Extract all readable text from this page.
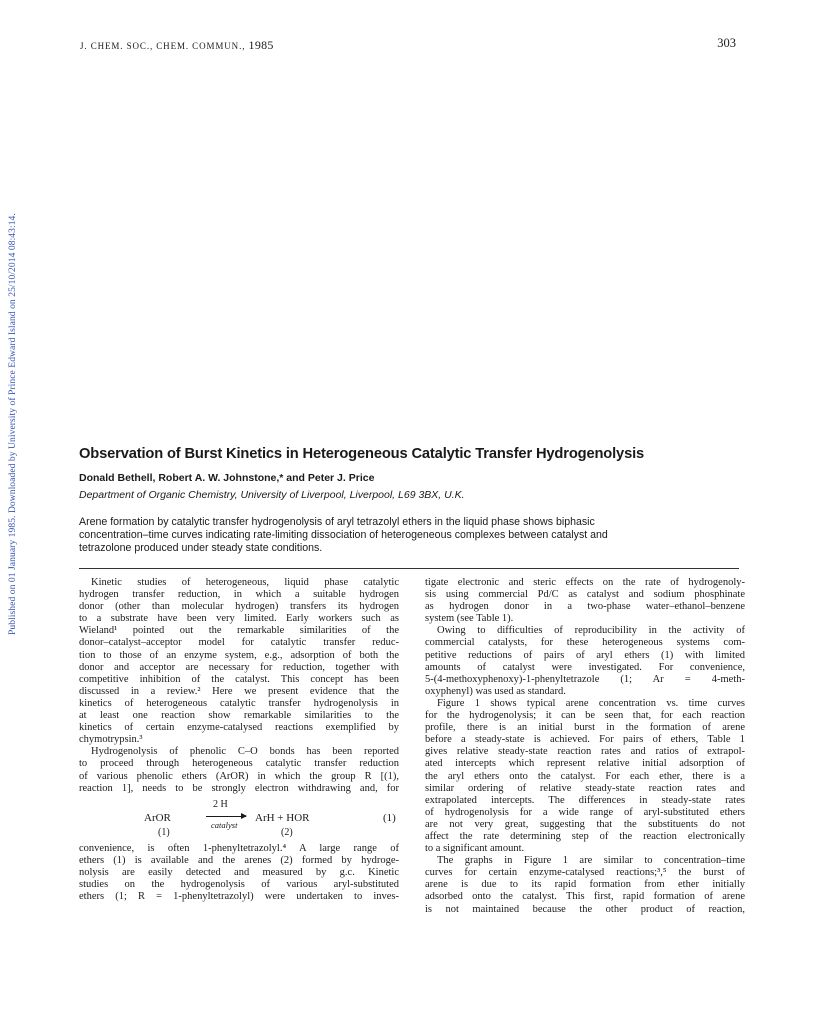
J. CHEM. SOC., CHEM. COMMUN., 1985	303
Published on 01 January 1985. Downloaded by University of Prince Edward Island on 25/10/2014 08:43:14.	Observation of Burst Kinetics in Heterogeneous Catalytic Transfer Hydrogenolysis
Donald Bethell, Robert A. W. Johnstone,* and Peter J. Price
Department of Organic Chemistry, University of Liverpool, Liverpool, L69 3BX, U.K.
Arene formation by catalytic transfer hydrogenolysis of aryl tetrazolyl ethers in the liquid phase shows biphasic
concentration–time curves indicating rate-limiting dissociation of heterogeneous complexes between catalyst and
tetrazolone produced under steady state conditions.
Kinetic studies of heterogeneous, liquid phase catalytic
hydrogen transfer reduction, in which a suitable hydrogen
donor (other than molecular hydrogen) transfers its hydrogen
to a substrate have been very limited. Early workers such as
Wieland¹ pointed out the remarkable similarities of the
donor–catalyst–acceptor model for catalytic transfer reduc-
tion to those of an enzyme system, e.g., adsorption of both the
donor and acceptor are necessary for reduction, together with
competitive inhibition of the catalyst. This concept has been
discussed in a review.² Here we present evidence that the
kinetics of heterogeneous catalytic transfer hydrogenolysis in
at least one reaction show remarkable similarities to the
kinetics of certain enzyme-catalysed reactions exemplified by
chymotrypsin.³
Hydrogenolysis of phenolic C–O bonds has been reported
to proceed through heterogeneous catalytic transfer reduction
of various phenolic ethers (ArOR) in which the group R [(1),
reaction 1], needs to be strongly electron withdrawing and, for
ArOR
2 H
catalyst
ArH + HOR	(1)
(1)	(2)
convenience, is often 1-phenyltetrazolyl.⁴ A large range of
ethers (1) is available and the arenes (2) formed by hydroge-
nolysis are easily detected and measured by g.c. Kinetic
studies on the hydrogenolysis of various aryl-substituted
ethers (1; R = 1-phenyltetrazolyl) were undertaken to inves-
tigate electronic and steric effects on the rate of hydrogenoly-
sis using commercial Pd/C as catalyst and sodium phosphinate
as hydrogen donor in a two-phase water–ethanol–benzene
system (see Table 1).
Owing to difficulties of reproducibility in the activity of
commercial catalysts, for these heterogeneous systems com-
petitive reductions of pairs of aryl ethers (1) with limited
amounts of catalyst were investigated. For convenience,
5-(4-methoxyphenoxy)-1-phenyltetrazole (1; Ar = 4-meth-
oxyphenyl) was used as standard.
Figure 1 shows typical arene concentration vs. time curves
for the hydrogenolysis; it can be seen that, for each reaction
profile, there is an initial burst in the formation of arene
before a steady-state is achieved. For pairs of ethers, Table 1
gives relative steady-state reaction rates and ratios of extrapol-
ated intercepts which represent relative initial adsorption of
the aryl ethers onto the catalyst. For each ether, there is a
similar ordering of relative steady-state reaction rates and
extrapolated intercepts. The differences in steady-state rates
of hydrogenolysis for a wide range of aryl-substituted ethers
are not very great, suggesting that the substituents do not
affect the rate determining step of the reaction electronically
to a significant amount.
The graphs in Figure 1 are similar to concentration–time
curves for certain enzyme-catalysed reactions;³,⁵ the burst of
arene is due to its rapid formation from ether initially
adsorbed onto the catalyst. This first, rapid formation of arene
is not maintained because the other product of reaction,
